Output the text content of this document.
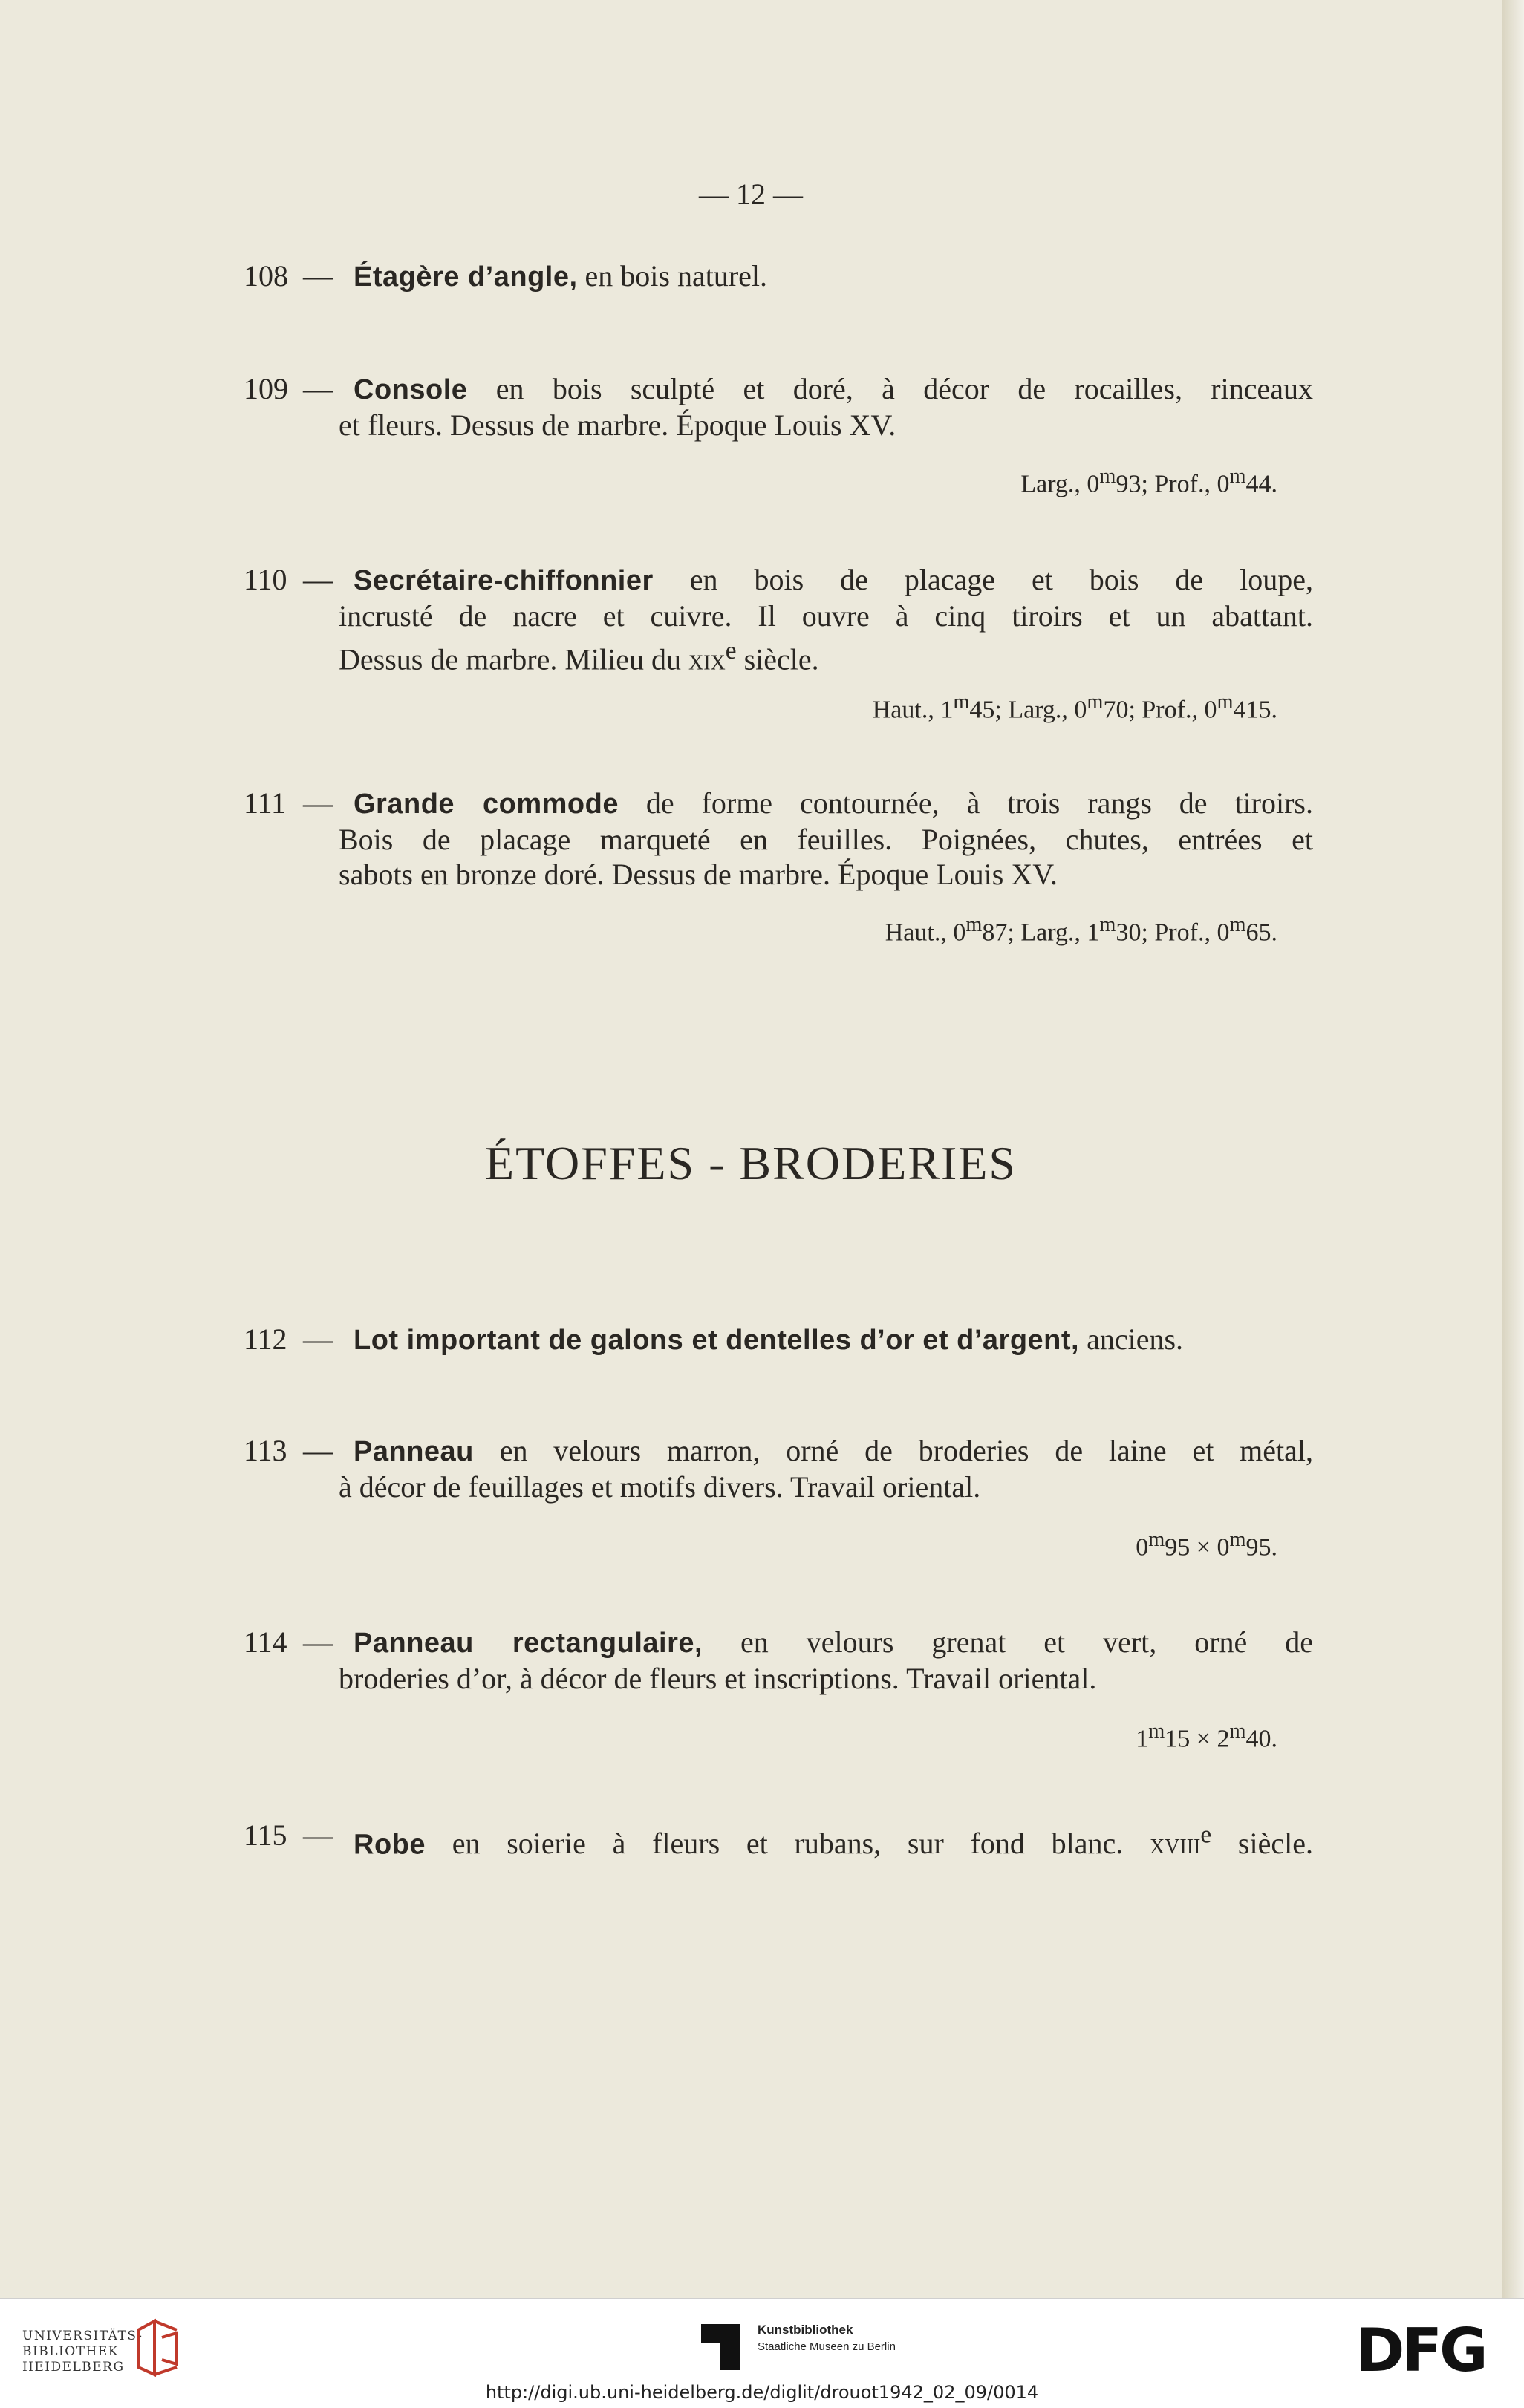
— 12 —
108 — Étagère d’angle, en bois naturel.
109 — Console en bois sculpté et doré, à décor de rocailles, rinceaux
et fleurs. Dessus de marbre. Époque Louis XV.
Larg., 0$^m$93; Prof., 0$^m$44.
110 — Secrétaire-chiffonnier en bois de placage et bois de loupe,
incrusté de nacre et cuivre. Il ouvre à cinq tiroirs et un abattant.
Dessus de marbre. Milieu du xix$^e$ siècle.
Haut., 1$^m$45; Larg., 0$^m$70; Prof., 0$^m$415.
111 — Grande commode de forme contournée, à trois rangs de tiroirs.
Bois de placage marqueté en feuilles. Poignées, chutes, entrées et
sabots en bronze doré. Dessus de marbre. Époque Louis XV.
Haut., 0$^m$87; Larg., 1$^m$30; Prof., 0$^m$65.
ÉTOFFES - BRODERIES
112 — Lot important de galons et dentelles d’or et d’argent, anciens.
113 — Panneau en velours marron, orné de broderies de laine et métal,
à décor de feuillages et motifs divers. Travail oriental.
$0^m95 \times 0^m95$.
114 — Panneau rectangulaire, en velours grenat et vert, orné de
broderies d’or, à décor de fleurs et inscriptions. Travail oriental.
$1^m15 \times 2^m40$.
115 — Robe en soierie à fleurs et rubans, sur fond blanc. xviii$^e$ siècle.
UNIVERSITÄTS-
BIBLIOTHEK
HEIDELBERG
Kunstbibliothek
Staatliche Museen zu Berlin	DFG
http://digi.ub.uni-heidelberg.de/diglit/drouot1942_02_09/0014
